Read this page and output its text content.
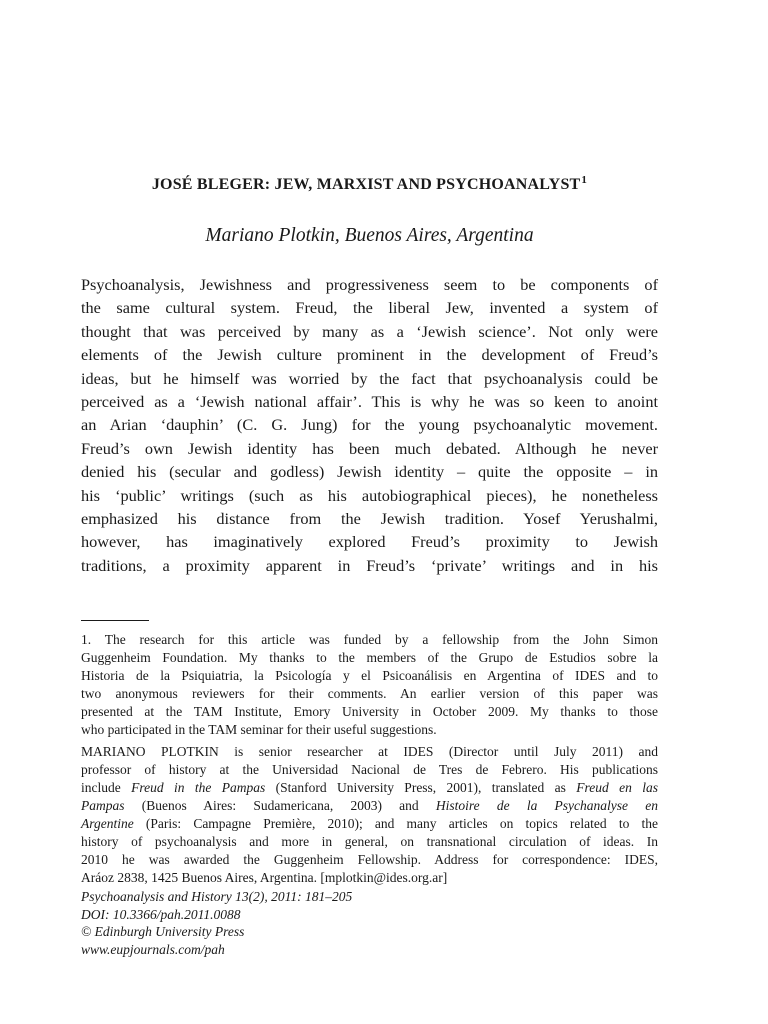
JOSÉ BLEGER: JEW, MARXIST AND PSYCHOANALYST$^1$
Mariano Plotkin, Buenos Aires, Argentina
Psychoanalysis, Jewishness and progressiveness seem to be components of
the same cultural system. Freud, the liberal Jew, invented a system of
thought that was perceived by many as a ‘Jewish science’. Not only were
elements of the Jewish culture prominent in the development of Freud’s
ideas, but he himself was worried by the fact that psychoanalysis could be
perceived as a ‘Jewish national affair’. This is why he was so keen to anoint
an Arian ‘dauphin’ (C. G. Jung) for the young psychoanalytic movement.
Freud’s own Jewish identity has been much debated. Although he never
denied his (secular and godless) Jewish identity – quite the opposite – in
his ‘public’ writings (such as his autobiographical pieces), he nonetheless
emphasized his distance from the Jewish tradition. Yosef Yerushalmi,
however, has imaginatively explored Freud’s proximity to Jewish
traditions, a proximity apparent in Freud’s ‘private’ writings and in his
1. The research for this article was funded by a fellowship from the John Simon
Guggenheim Foundation. My thanks to the members of the Grupo de Estudios sobre la
Historia de la Psiquiatria, la Psicología y el Psicoanálisis en Argentina of IDES and to
two anonymous reviewers for their comments. An earlier version of this paper was
presented at the TAM Institute, Emory University in October 2009. My thanks to those
who participated in the TAM seminar for their useful suggestions.
MARIANO PLOTKIN is senior researcher at IDES (Director until July 2011) and
professor of history at the Universidad Nacional de Tres de Febrero. His publications
include Freud in the Pampas (Stanford University Press, 2001), translated as Freud en las
Pampas (Buenos Aires: Sudamericana, 2003) and Histoire de la Psychanalyse en
Argentine (Paris: Campagne Première, 2010); and many articles on topics related to the
history of psychoanalysis and more in general, on transnational circulation of ideas. In
2010 he was awarded the Guggenheim Fellowship. Address for correspondence: IDES,
Aráoz 2838, 1425 Buenos Aires, Argentina. [mplotkin@ides.org.ar]
Psychoanalysis and History 13(2), 2011: 181–205
DOI: 10.3366/pah.2011.0088
© Edinburgh University Press
www.eupjournals.com/pah
